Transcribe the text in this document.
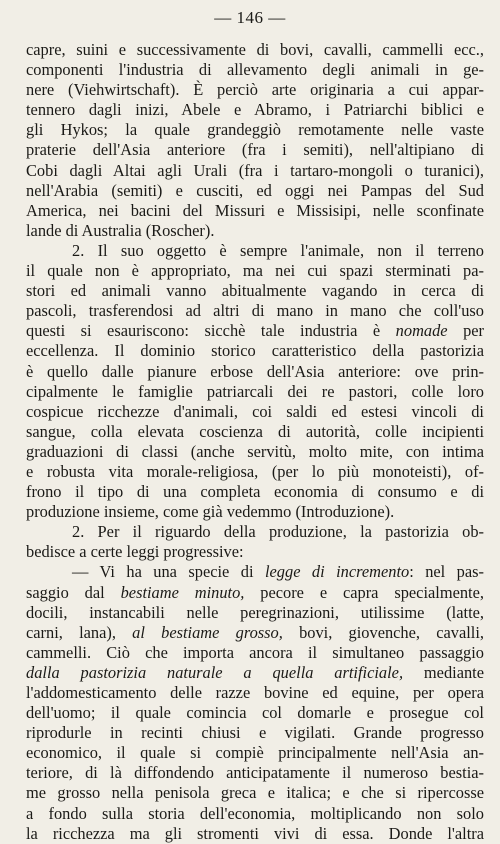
— 146 —
capre, suini e successivamente di bovi, cavalli, cammelli ecc.,
componenti l'industria di allevamento degli animali in ge-
nere (Viehwirtschaft). È perciò arte originaria a cui appar-
tennero dagli inizi, Abele e Abramo, i Patriarchi biblici e
gli Hykos; la quale grandeggiò remotamente nelle vaste
praterie dell'Asia anteriore (fra i semiti), nell'altipiano di
Cobi dagli Altai agli Urali (fra i tartaro-mongoli o turanici),
nell'Arabia (semiti) e cusciti, ed oggi nei Pampas del Sud
America, nei bacini del Missuri e Missisipi, nelle sconfinate
lande di Australia (Roscher).
2. Il suo oggetto è sempre l'animale, non il terreno
il quale non è appropriato, ma nei cui spazi sterminati pa-
stori ed animali vanno abitualmente vagando in cerca di
pascoli, trasferendosi ad altri di mano in mano che coll'uso
questi si esauriscono: sicchè tale industria è nomade per
eccellenza. Il dominio storico caratteristico della pastorizia
è quello dalle pianure erbose dell'Asia anteriore: ove prin-
cipalmente le famiglie patriarcali dei re pastori, colle loro
cospicue ricchezze d'animali, coi saldi ed estesi vincoli di
sangue, colla elevata coscienza di autorità, colle incipienti
graduazioni di classi (anche servitù, molto mite, con intima
e robusta vita morale-religiosa, (per lo più monoteisti), of-
frono il tipo di una completa economia di consumo e di
produzione insieme, come già vedemmo (Introduzione).
2. Per il riguardo della produzione, la pastorizia ob-
bedisce a certe leggi progressive:
— Vi ha una specie di legge di incremento: nel pas-
saggio dal bestiame minuto, pecore e capra specialmente,
docili, instancabili nelle peregrinazioni, utilissime (latte,
carni, lana), al bestiame grosso, bovi, giovenche, cavalli,
cammelli. Ciò che importa ancora il simultaneo passaggio
dalla pastorizia naturale a quella artificiale, mediante
l'addomesticamento delle razze bovine ed equine, per opera
dell'uomo; il quale comincia col domarle e prosegue col
riprodurle in recinti chiusi e vigilati. Grande progresso
economico, il quale si compiè principalmente nell'Asia an-
teriore, di là diffondendo anticipatamente il numeroso bestia-
me grosso nella penisola greca e italica; e che si ripercosse
a fondo sulla storia dell'economia, moltiplicando non solo
la ricchezza ma gli stromenti vivi di essa. Donde l'altra
